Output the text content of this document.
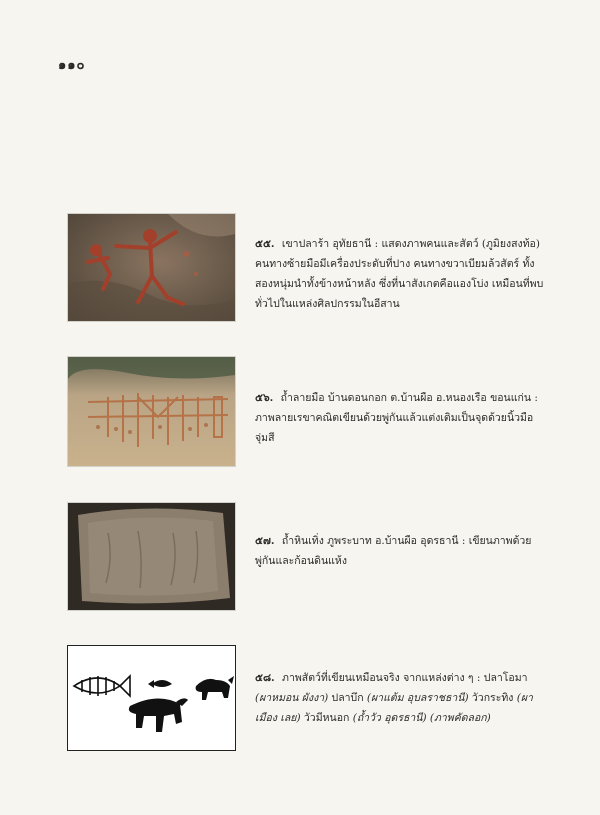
๑๑๐
๕๕. เขาปลาร้า อุทัยธานี : แสดงภาพคนและสัตว์ (ภูมิยงสงท้อ) คนทางซ้ายมือมีเครื่องประดับที่ปาง คนทางขวาเบียมล้วสัตร์ ทั้งสองหนุ่มนำทั้งข้างหน้าหลัง ซึ่งที่นาสังเกตคือแองโบ่ง เหมือนที่พบทั่วไปในแหล่งศิลปกรรมในอีสาน
๕๖. ถ้ำลายมือ บ้านดอนกอก ต.บ้านผือ อ.หนองเรือ ขอนแก่น : ภาพลายเรขาคณิตเขียนด้วยพู่กันแล้วแต่งเติมเป็นจุดด้วยนิ้วมือจุ่มสี
๕๗. ถ้ำหินเทิ่ง ภูพระบาท อ.บ้านผือ อุดรธานี : เขียนภาพด้วยพู่กันและก้อนดินแห้ง
๕๘. ภาพสัตว์ที่เขียนเหมือนจริง จากแหล่งต่าง ๆ : ปลาโอมา (ผาหมอน ผังงา) ปลาบึก (ผาแต้ม อุบลราชธานี) วัวกระทิง (ผาเมือง เลย) วัวมีหนอก (ถ้ำวัว อุดรธานี) (ภาพคัดลอก)
